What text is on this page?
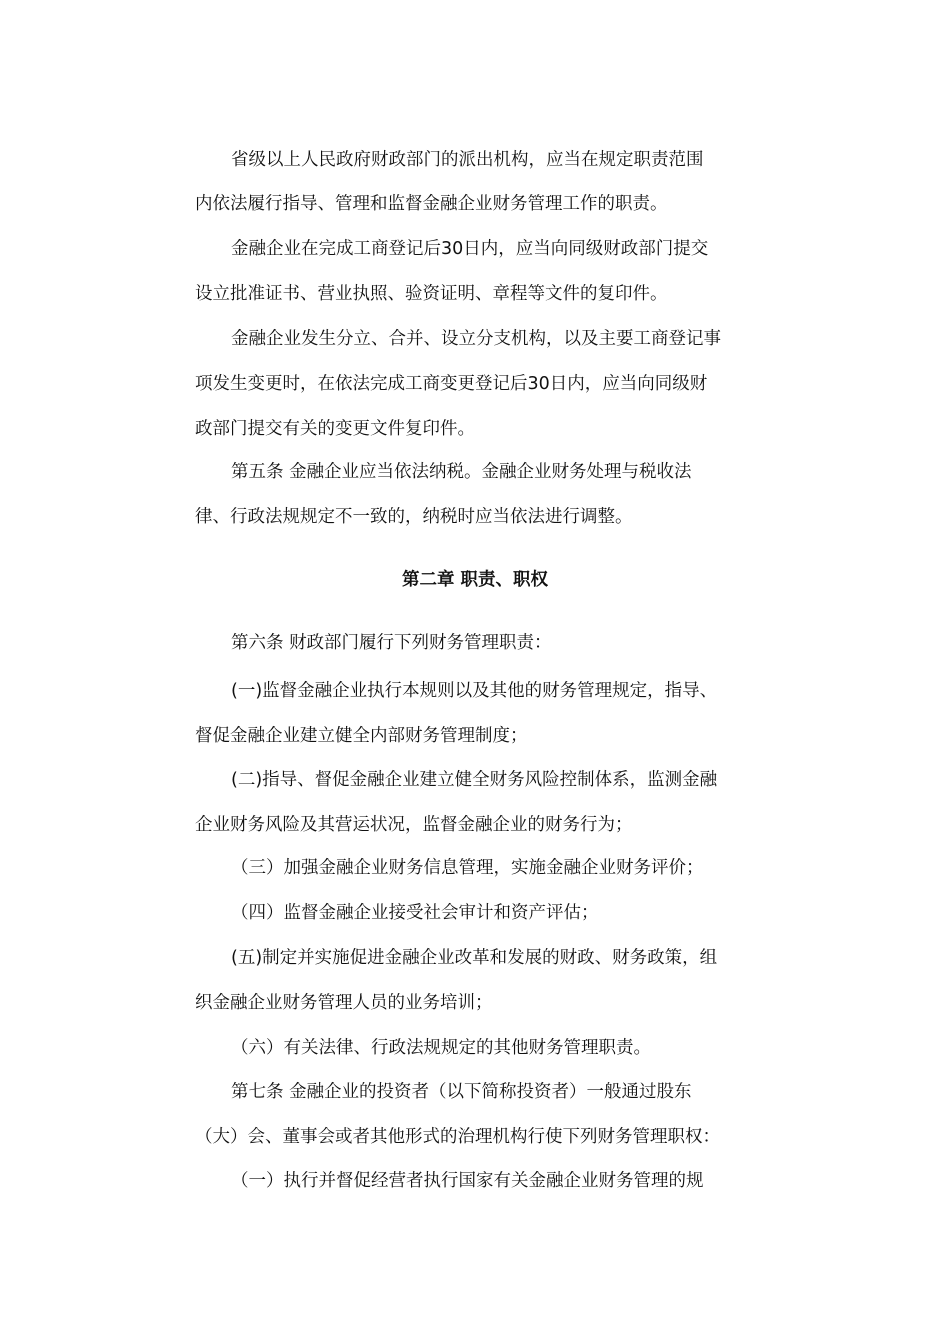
省级以上人民政府财政部门的派出机构，应当在规定职责范围
内依法履行指导、管理和监督金融企业财务管理工作的职责。
金融企业在完成工商登记后30日内，应当向同级财政部门提交
设立批准证书、营业执照、验资证明、章程等文件的复印件。
金融企业发生分立、合并、设立分支机构，以及主要工商登记事
项发生变更时，在依法完成工商变更登记后30日内，应当向同级财
政部门提交有关的变更文件复印件。
第五条 金融企业应当依法纳税。金融企业财务处理与税收法
律、行政法规规定不一致的，纳税时应当依法进行调整。
第二章 职责、职权
第六条 财政部门履行下列财务管理职责：
(一)监督金融企业执行本规则以及其他的财务管理规定，指导、
督促金融企业建立健全内部财务管理制度；
(二)指导、督促金融企业建立健全财务风险控制体系，监测金融
企业财务风险及其营运状况，监督金融企业的财务行为；
（三）加强金融企业财务信息管理，实施金融企业财务评价；
（四）监督金融企业接受社会审计和资产评估；
(五)制定并实施促进金融企业改革和发展的财政、财务政策，组
织金融企业财务管理人员的业务培训；
（六）有关法律、行政法规规定的其他财务管理职责。
第七条 金融企业的投资者（以下简称投资者）一般通过股东
（大）会、董事会或者其他形式的治理机构行使下列财务管理职权：
（一）执行并督促经营者执行国家有关金融企业财务管理的规
